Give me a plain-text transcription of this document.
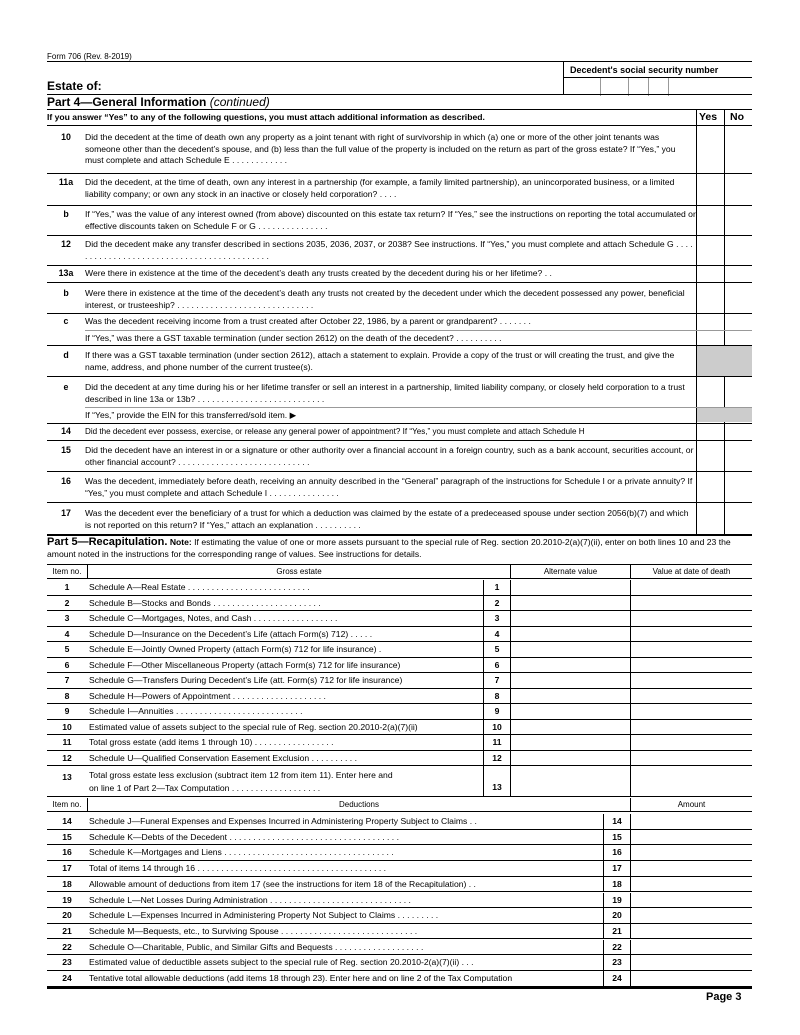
Form 706 (Rev. 8-2019)
Decedent's social security number
Estate of:
Part 4—General Information (continued)
If you answer “Yes” to any of the following questions, you must attach additional information as described.	Yes No
10	Did the decedent at the time of death own any property as a joint tenant with right of survivorship in which (a) one or more of the other joint tenants was someone other than the decedent’s spouse, and (b) less than the full value of the property is included on the return as part of the gross estate? If “Yes,” you must complete and attach Schedule E . . . . . . . . . . . .
11a	Did the decedent, at the time of death, own any interest in a partnership (for example, a family limited partnership), an unincorporated business, or a limited liability company; or own any stock in an inactive or closely held corporation? . . . .
b	If “Yes,” was the value of any interest owned (from above) discounted on this estate tax return? If “Yes,” see the instructions on reporting the total accumulated or effective discounts taken on Schedule F or G . . . . . . . . . . . . . . .
12	Did the decedent make any transfer described in sections 2035, 2036, 2037, or 2038? See instructions. If “Yes,” you must complete and attach Schedule G . . . . . . . . . . . . . . . . . . . . . . . . . . . . . . . . . . . . . . . . . . .
13a	Were there in existence at the time of the decedent’s death any trusts created by the decedent during his or her lifetime? . .
b	Were there in existence at the time of the decedent’s death any trusts not created by the decedent under which the decedent possessed any power, beneficial interest, or trusteeship? . . . . . . . . . . . . . . . . . . . . . . . . . . . . .
c	Was the decedent receiving income from a trust created after October 22, 1986, by a parent or grandparent? . . . . . . .
If “Yes,” was there a GST taxable termination (under section 2612) on the death of the decedent? . . . . . . . . . .
d	If there was a GST taxable termination (under section 2612), attach a statement to explain. Provide a copy of the trust or will creating the trust, and give the name, address, and phone number of the current trustee(s).
e	Did the decedent at any time during his or her lifetime transfer or sell an interest in a partnership, limited liability company, or closely held corporation to a trust described in line 13a or 13b? . . . . . . . . . . . . . . . . . . . . . . . . . . .
If “Yes,” provide the EIN for this transferred/sold item. ▶
14	Did the decedent ever possess, exercise, or release any general power of appointment? If “Yes,” you must complete and attach Schedule H
15	Did the decedent have an interest in or a signature or other authority over a financial account in a foreign country, such as a bank account, securities account, or other financial account? . . . . . . . . . . . . . . . . . . . . . . . . . . . .
16	Was the decedent, immediately before death, receiving an annuity described in the “General” paragraph of the instructions for Schedule I or a private annuity? If “Yes,” you must complete and attach Schedule I . . . . . . . . . . . . . . .
17	Was the decedent ever the beneficiary of a trust for which a deduction was claimed by the estate of a predeceased spouse under section 2056(b)(7) and which is not reported on this return? If “Yes,” attach an explanation . . . . . . . . . .
Part 5—Recapitulation. Note: If estimating the value of one or more assets pursuant to the special rule of Reg. section 20.2010-2(a)(7)(ii), enter on both lines 10 and 23 the amount noted in the instructions for the corresponding range of values. See instructions for details.
Item no.	Gross estate	Alternate value	Value at date of death
1	Schedule A—Real Estate . . . . . . . . . . . . . . . . . . . . . . . . . .	1
2	Schedule B—Stocks and Bonds . . . . . . . . . . . . . . . . . . . . . . .	2
3	Schedule C—Mortgages, Notes, and Cash . . . . . . . . . . . . . . . . . .	3
4	Schedule D—Insurance on the Decedent’s Life (attach Form(s) 712) . . . . .	4
5	Schedule E—Jointly Owned Property (attach Form(s) 712 for life insurance) .	5
6	Schedule F—Other Miscellaneous Property (attach Form(s) 712 for life insurance)	6
7	Schedule G—Transfers During Decedent’s Life (att. Form(s) 712 for life insurance)	7
8	Schedule H—Powers of Appointment . . . . . . . . . . . . . . . . . . . .	8
9	Schedule I—Annuities . . . . . . . . . . . . . . . . . . . . . . . . . . .	9
10	Estimated value of assets subject to the special rule of Reg. section 20.2010-2(a)(7)(ii)	10
11	Total gross estate (add items 1 through 10) . . . . . . . . . . . . . . . . .	11
12	Schedule U—Qualified Conservation Easement Exclusion . . . . . . . . . .	12
13	Total gross estate less exclusion (subtract item 12 from item 11). Enter here and
on line 1 of Part 2—Tax Computation . . . . . . . . . . . . . . . . . . .	13
Item no.	Deductions	Amount
14	Schedule J—Funeral Expenses and Expenses Incurred in Administering Property Subject to Claims . .	14
15	Schedule K—Debts of the Decedent . . . . . . . . . . . . . . . . . . . . . . . . . . . . . . . . . . . .	15
16	Schedule K—Mortgages and Liens . . . . . . . . . . . . . . . . . . . . . . . . . . . . . . . . . . . .	16
17	Total of items 14 through 16 . . . . . . . . . . . . . . . . . . . . . . . . . . . . . . . . . . . . . . . .	17
18	Allowable amount of deductions from item 17 (see the instructions for item 18 of the Recapitulation) . .	18
19	Schedule L—Net Losses During Administration . . . . . . . . . . . . . . . . . . . . . . . . . . . . . .	19
20	Schedule L—Expenses Incurred in Administering Property Not Subject to Claims . . . . . . . . .	20
21	Schedule M—Bequests, etc., to Surviving Spouse . . . . . . . . . . . . . . . . . . . . . . . . . . . . .	21
22	Schedule O—Charitable, Public, and Similar Gifts and Bequests . . . . . . . . . . . . . . . . . . .	22
23	Estimated value of deductible assets subject to the special rule of Reg. section 20.2010-2(a)(7)(ii) . . .	23
24	Tentative total allowable deductions (add items 18 through 23). Enter here and on line 2 of the Tax Computation	24
Page 3
